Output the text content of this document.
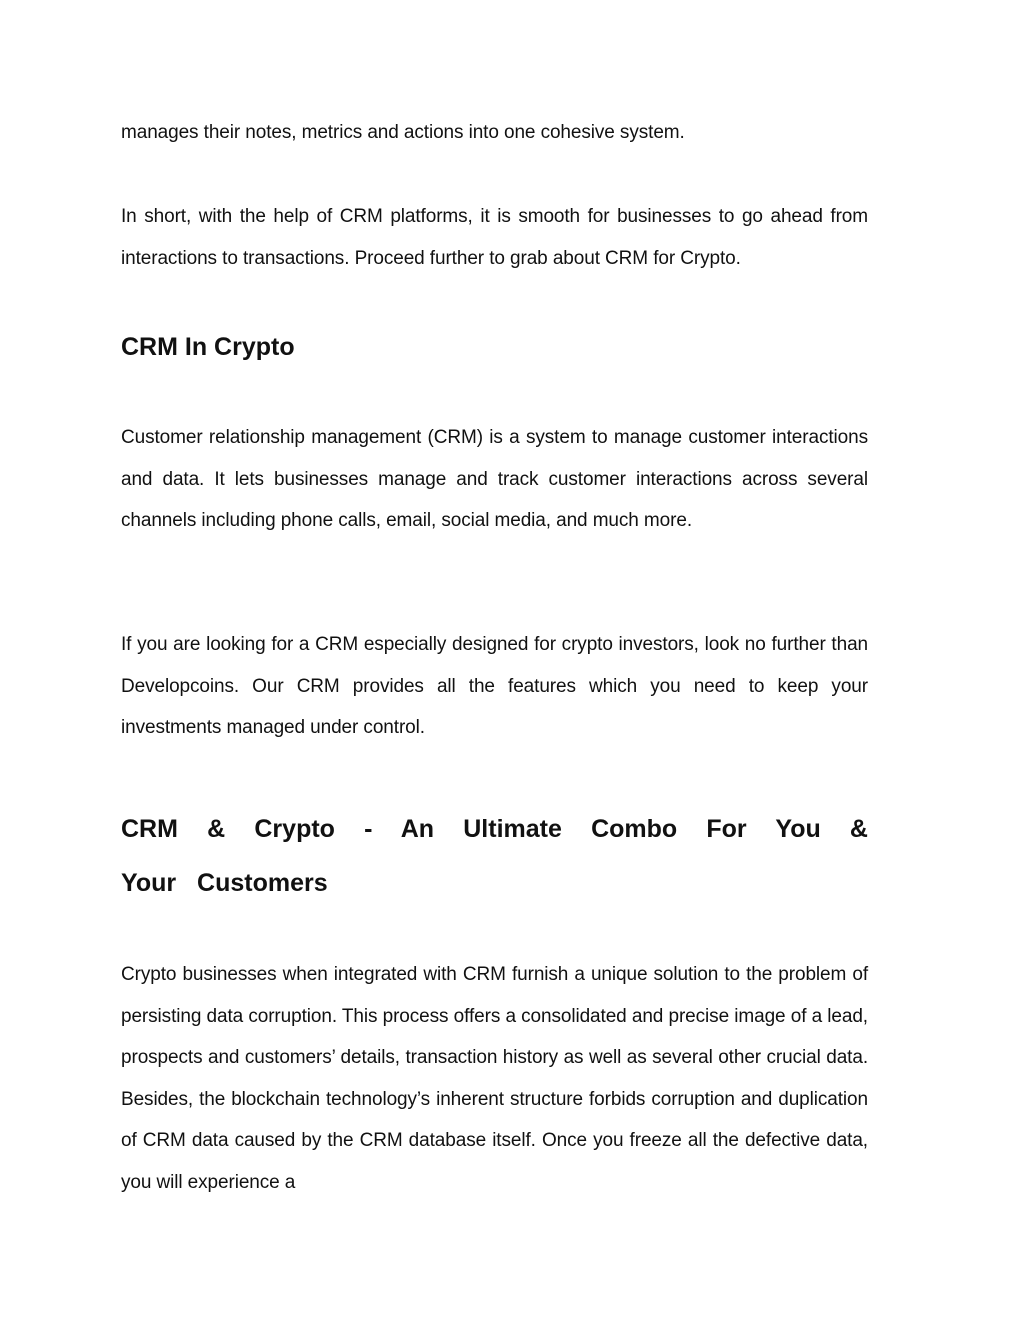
manages their notes, metrics and actions into one cohesive system.

In short, with the help of CRM platforms, it is smooth for businesses to go ahead from interactions to transactions. Proceed further to grab about CRM for Crypto.

CRM In Crypto

Customer relationship management (CRM) is a system to manage customer interactions and data. It lets businesses manage and track customer interactions across several channels including phone calls, email, social media, and much more.

If you are looking for a CRM especially designed for crypto investors, look no further than Developcoins. Our CRM provides all the features which you need to keep your investments managed under control.

CRM & Crypto - An Ultimate Combo For You & Your Customers

Crypto businesses when integrated with CRM furnish a unique solution to the problem of persisting data corruption. This process offers a consolidated and precise image of a lead, prospects and customers’ details, transaction history as well as several other crucial data. Besides, the blockchain technology’s inherent structure forbids corruption and duplication of CRM data caused by the CRM database itself. Once you freeze all the defective data, you will experience a
